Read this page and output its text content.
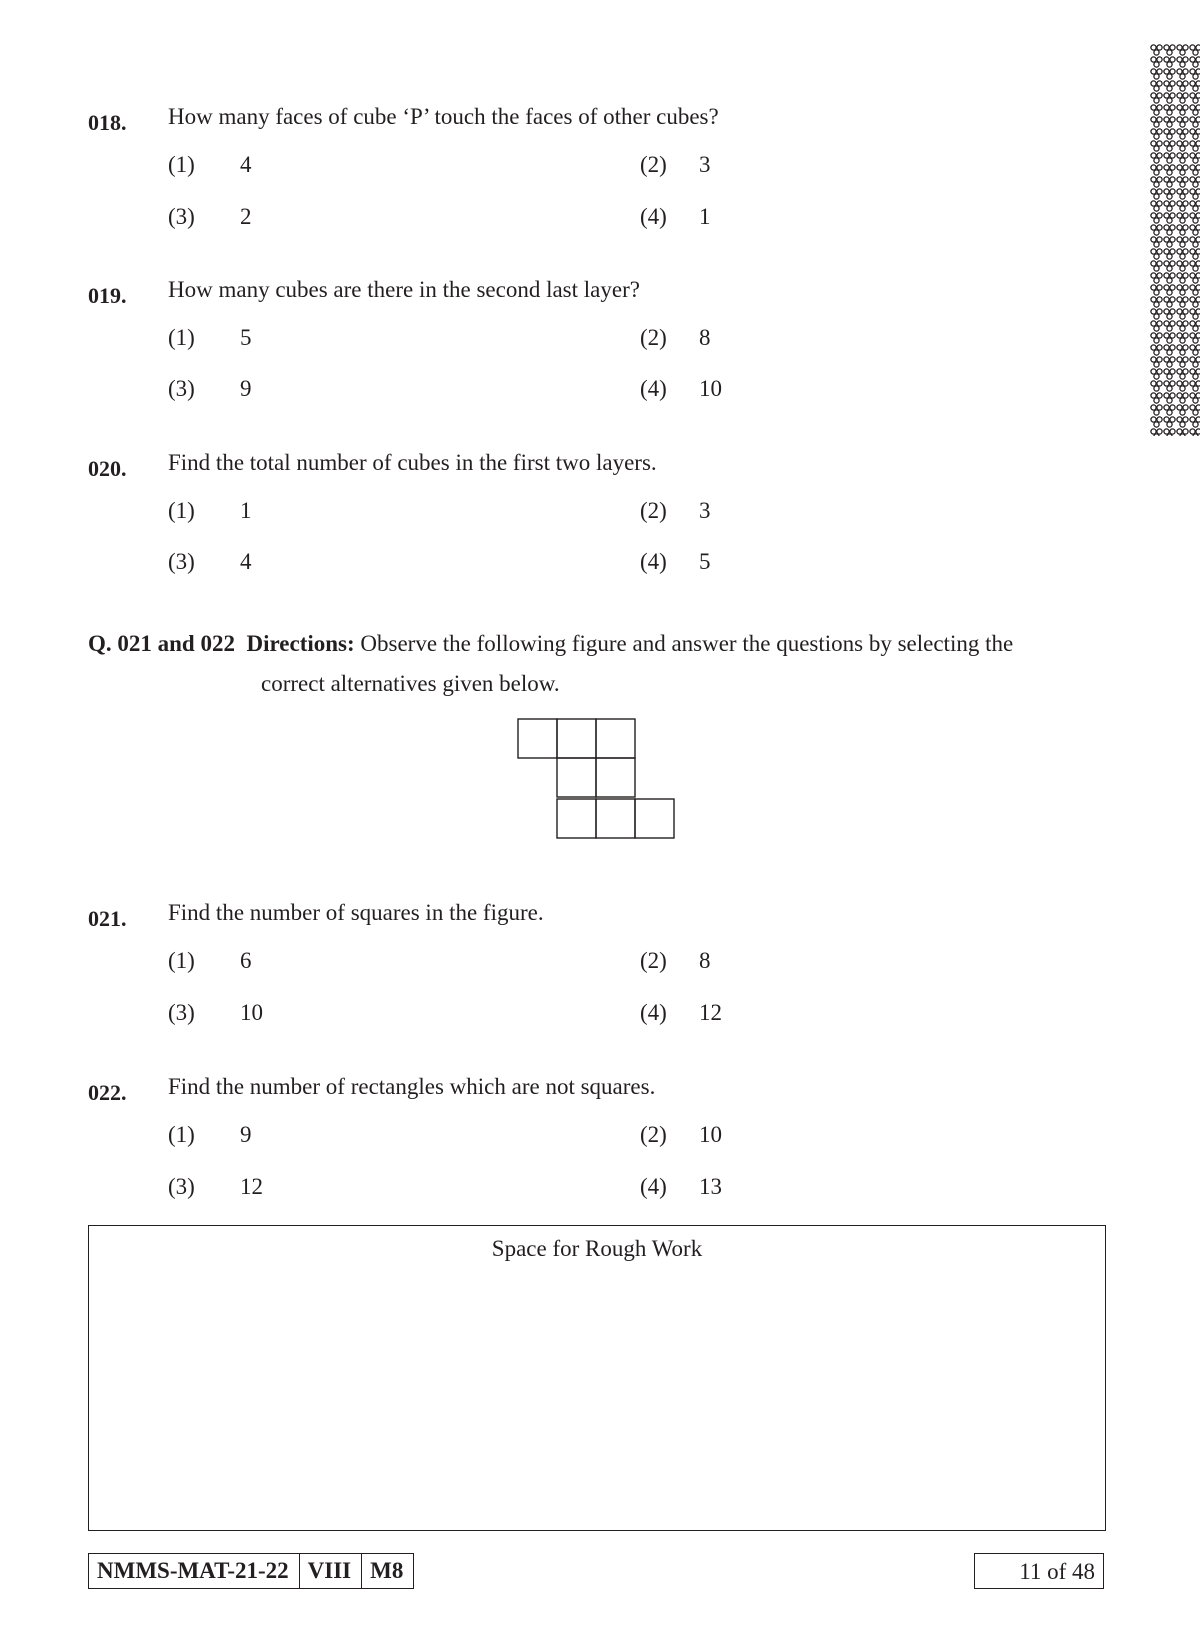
018. How many faces of cube ‘P’ touch the faces of other cubes?
(1) 4	(2) 3
(3) 2	(4) 1
019. How many cubes are there in the second last layer?
(1) 5	(2) 8
(3) 9	(4) 10
020. Find the total number of cubes in the first two layers.
(1) 1	(2) 3
(3) 4	(4) 5
Q. 021 and 022 Directions: Observe the following figure and answer the questions by selecting the
correct alternatives given below.
021. Find the number of squares in the figure.
(1) 6	(2) 8
(3) 10	(4) 12
022. Find the number of rectangles which are not squares.
(1) 9	(2) 10
(3) 12	(4) 13
Space for Rough Work
NMMS-MAT-21-22 VIII M8	11 of 48
